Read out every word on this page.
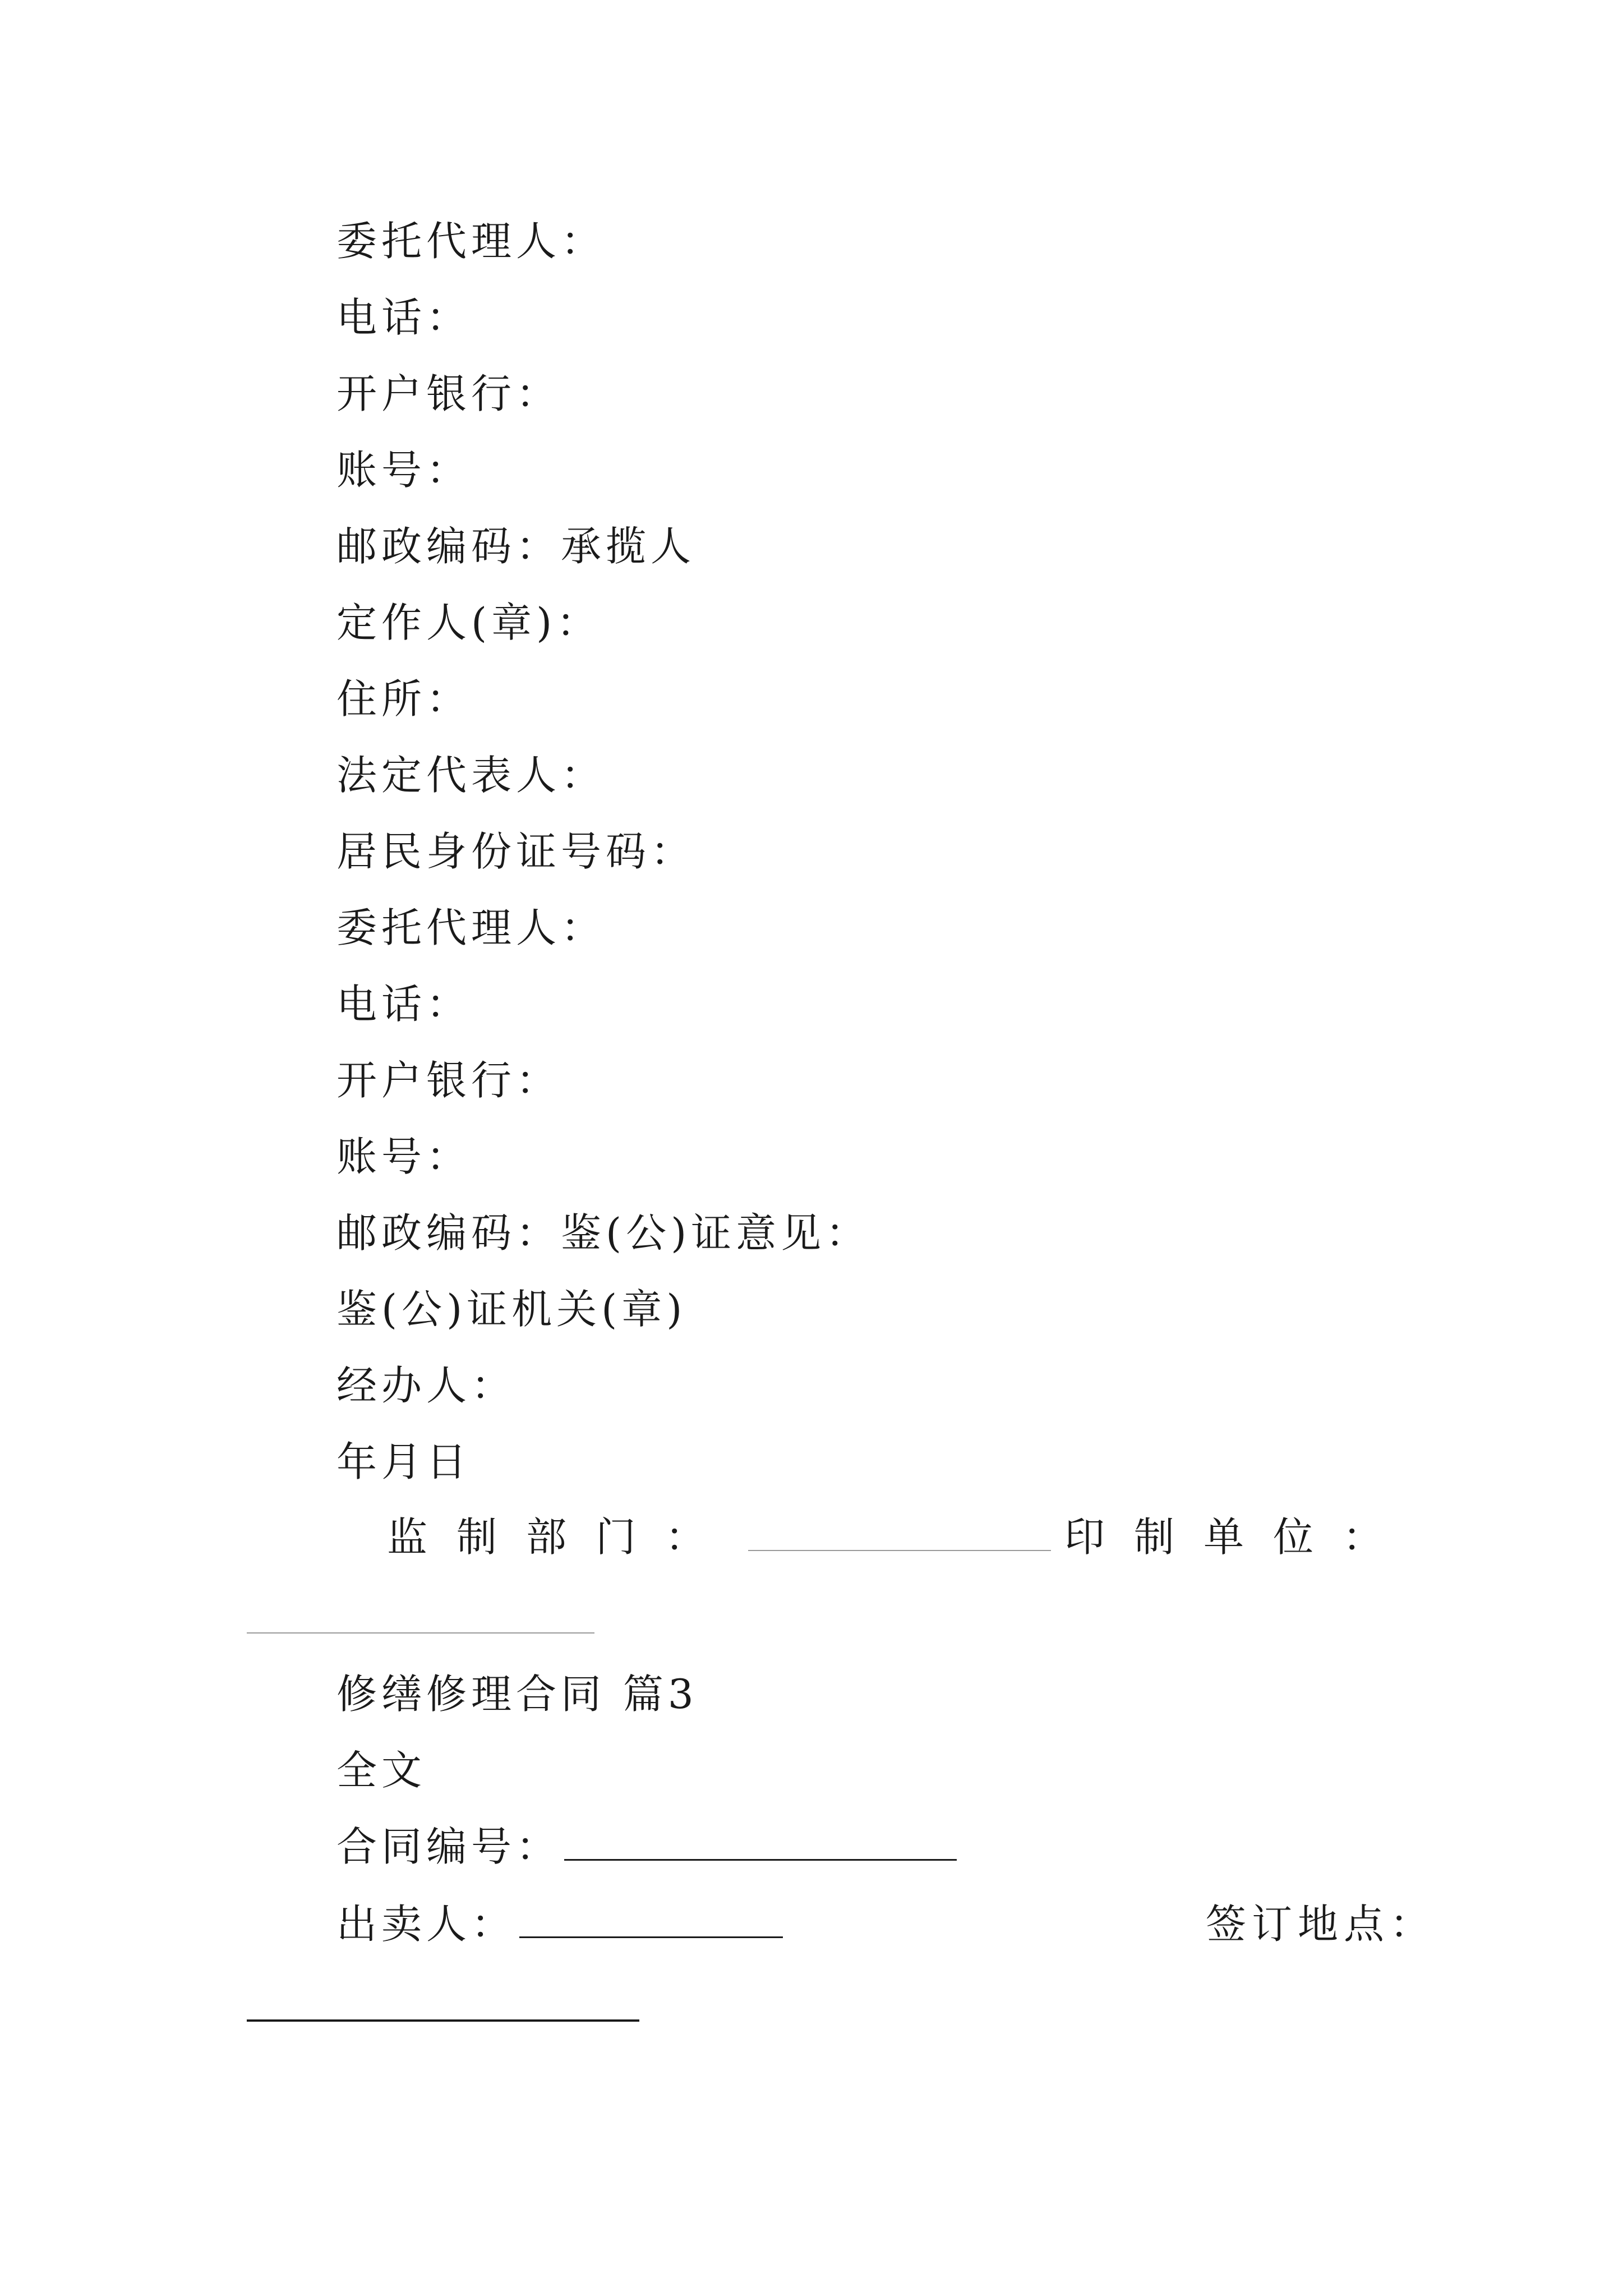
委托代理人：
电话：
开户银行：
账号：
邮政编码：承揽人
定作人(章)：
住所：
法定代表人：
居民身份证号码：
委托代理人：
电话：
开户银行：
账号：
邮政编码：鉴(公)证意见：
鉴(公)证机关(章)
经办人：
年月日
监制部门：	印制单位：
修缮修理合同 篇3
全文
合同编号：
出卖人：	签订地点：
